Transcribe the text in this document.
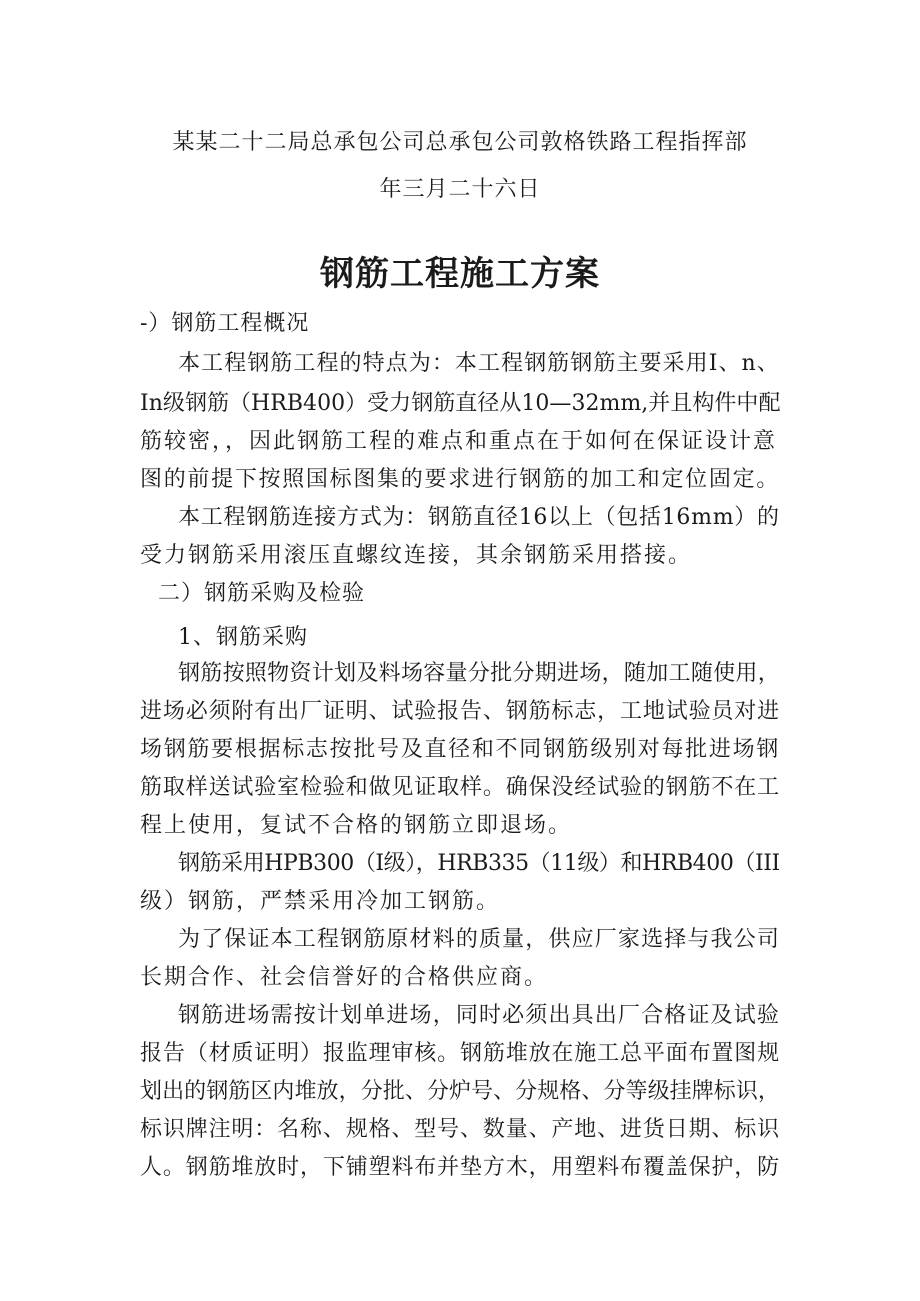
某某二十二局总承包公司总承包公司敦格铁路工程指挥部
年三月二十六日
钢筋工程施工方案
-）钢筋工程概况
本工程钢筋工程的特点为：本工程钢筋钢筋主要采用I、n、
In级钢筋（HRB400）受力钢筋直径从10—32mm,并且构件中配
筋较密，，因此钢筋工程的难点和重点在于如何在保证设计意
图的前提下按照国标图集的要求进行钢筋的加工和定位固定。
本工程钢筋连接方式为：钢筋直径16以上（包括16mm）的
受力钢筋采用滚压直螺纹连接，其余钢筋采用搭接。
二）钢筋采购及检验
1、钢筋采购
钢筋按照物资计划及料场容量分批分期进场，随加工随使用，
进场必须附有出厂证明、试验报告、钢筋标志，工地试验员对进
场钢筋要根据标志按批号及直径和不同钢筋级别对每批进场钢
筋取样送试验室检验和做见证取样。确保没经试验的钢筋不在工
程上使用，复试不合格的钢筋立即退场。
钢筋采用HPB300（I级），HRB335（11级）和HRB400（III
级）钢筋，严禁采用冷加工钢筋。
为了保证本工程钢筋原材料的质量，供应厂家选择与我公司
长期合作、社会信誉好的合格供应商。
钢筋进场需按计划单进场，同时必须出具出厂合格证及试验
报告（材质证明）报监理审核。钢筋堆放在施工总平面布置图规
划出的钢筋区内堆放，分批、分炉号、分规格、分等级挂牌标识，
标识牌注明：名称、规格、型号、数量、产地、进货日期、标识
人。钢筋堆放时，下铺塑料布并垫方木，用塑料布覆盖保护，防
